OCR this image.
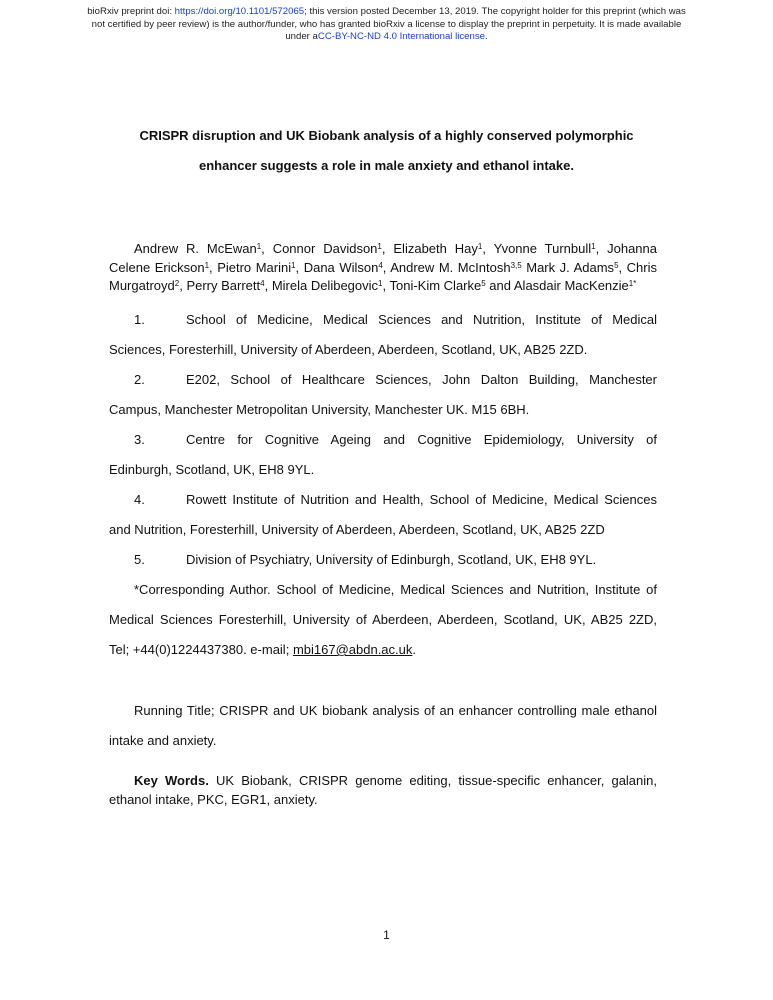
bioRxiv preprint doi: https://doi.org/10.1101/572065; this version posted December 13, 2019. The copyright holder for this preprint (which was
not certified by peer review) is the author/funder, who has granted bioRxiv a license to display the preprint in perpetuity. It is made available
under aCC-BY-NC-ND 4.0 International license.
CRISPR disruption and UK Biobank analysis of a highly conserved polymorphic
enhancer suggests a role in male anxiety and ethanol intake.
Andrew R. McEwan$^1$, Connor Davidson$^1$, Elizabeth Hay$^1$, Yvonne Turnbull$^1$, Johanna Celene Erickson$^1$, Pietro Marini$^1$, Dana Wilson$^4$, Andrew M. McIntosh$^{3,5}$ Mark J. Adams$^5$, Chris Murgatroyd$^2$, Perry Barrett$^4$, Mirela Delibegovic$^1$, Toni-Kim Clarke$^5$ and Alasdair MacKenzie$^{1*}$
1.	School of Medicine, Medical Sciences and Nutrition, Institute of Medical
Sciences, Foresterhill, University of Aberdeen, Aberdeen, Scotland, UK, AB25 2ZD.
2.	E202, School of Healthcare Sciences, John Dalton Building, Manchester
Campus, Manchester Metropolitan University, Manchester UK. M15 6BH.
3.	Centre for Cognitive Ageing and Cognitive Epidemiology, University of
Edinburgh, Scotland, UK, EH8 9YL.
4.	Rowett Institute of Nutrition and Health, School of Medicine, Medical Sciences
and Nutrition, Foresterhill, University of Aberdeen, Aberdeen, Scotland, UK, AB25 2ZD
5.	Division of Psychiatry, University of Edinburgh, Scotland, UK, EH8 9YL.
*Corresponding Author. School of Medicine, Medical Sciences and Nutrition, Institute of
Medical Sciences Foresterhill, University of Aberdeen, Aberdeen, Scotland, UK, AB25 2ZD,
Tel; +44(0)1224437380. e-mail; mbi167@abdn.ac.uk.
Running Title; CRISPR and UK biobank analysis of an enhancer controlling male ethanol
intake and anxiety.
Key Words. UK Biobank, CRISPR genome editing, tissue-specific enhancer, galanin, ethanol intake, PKC, EGR1, anxiety.
1
